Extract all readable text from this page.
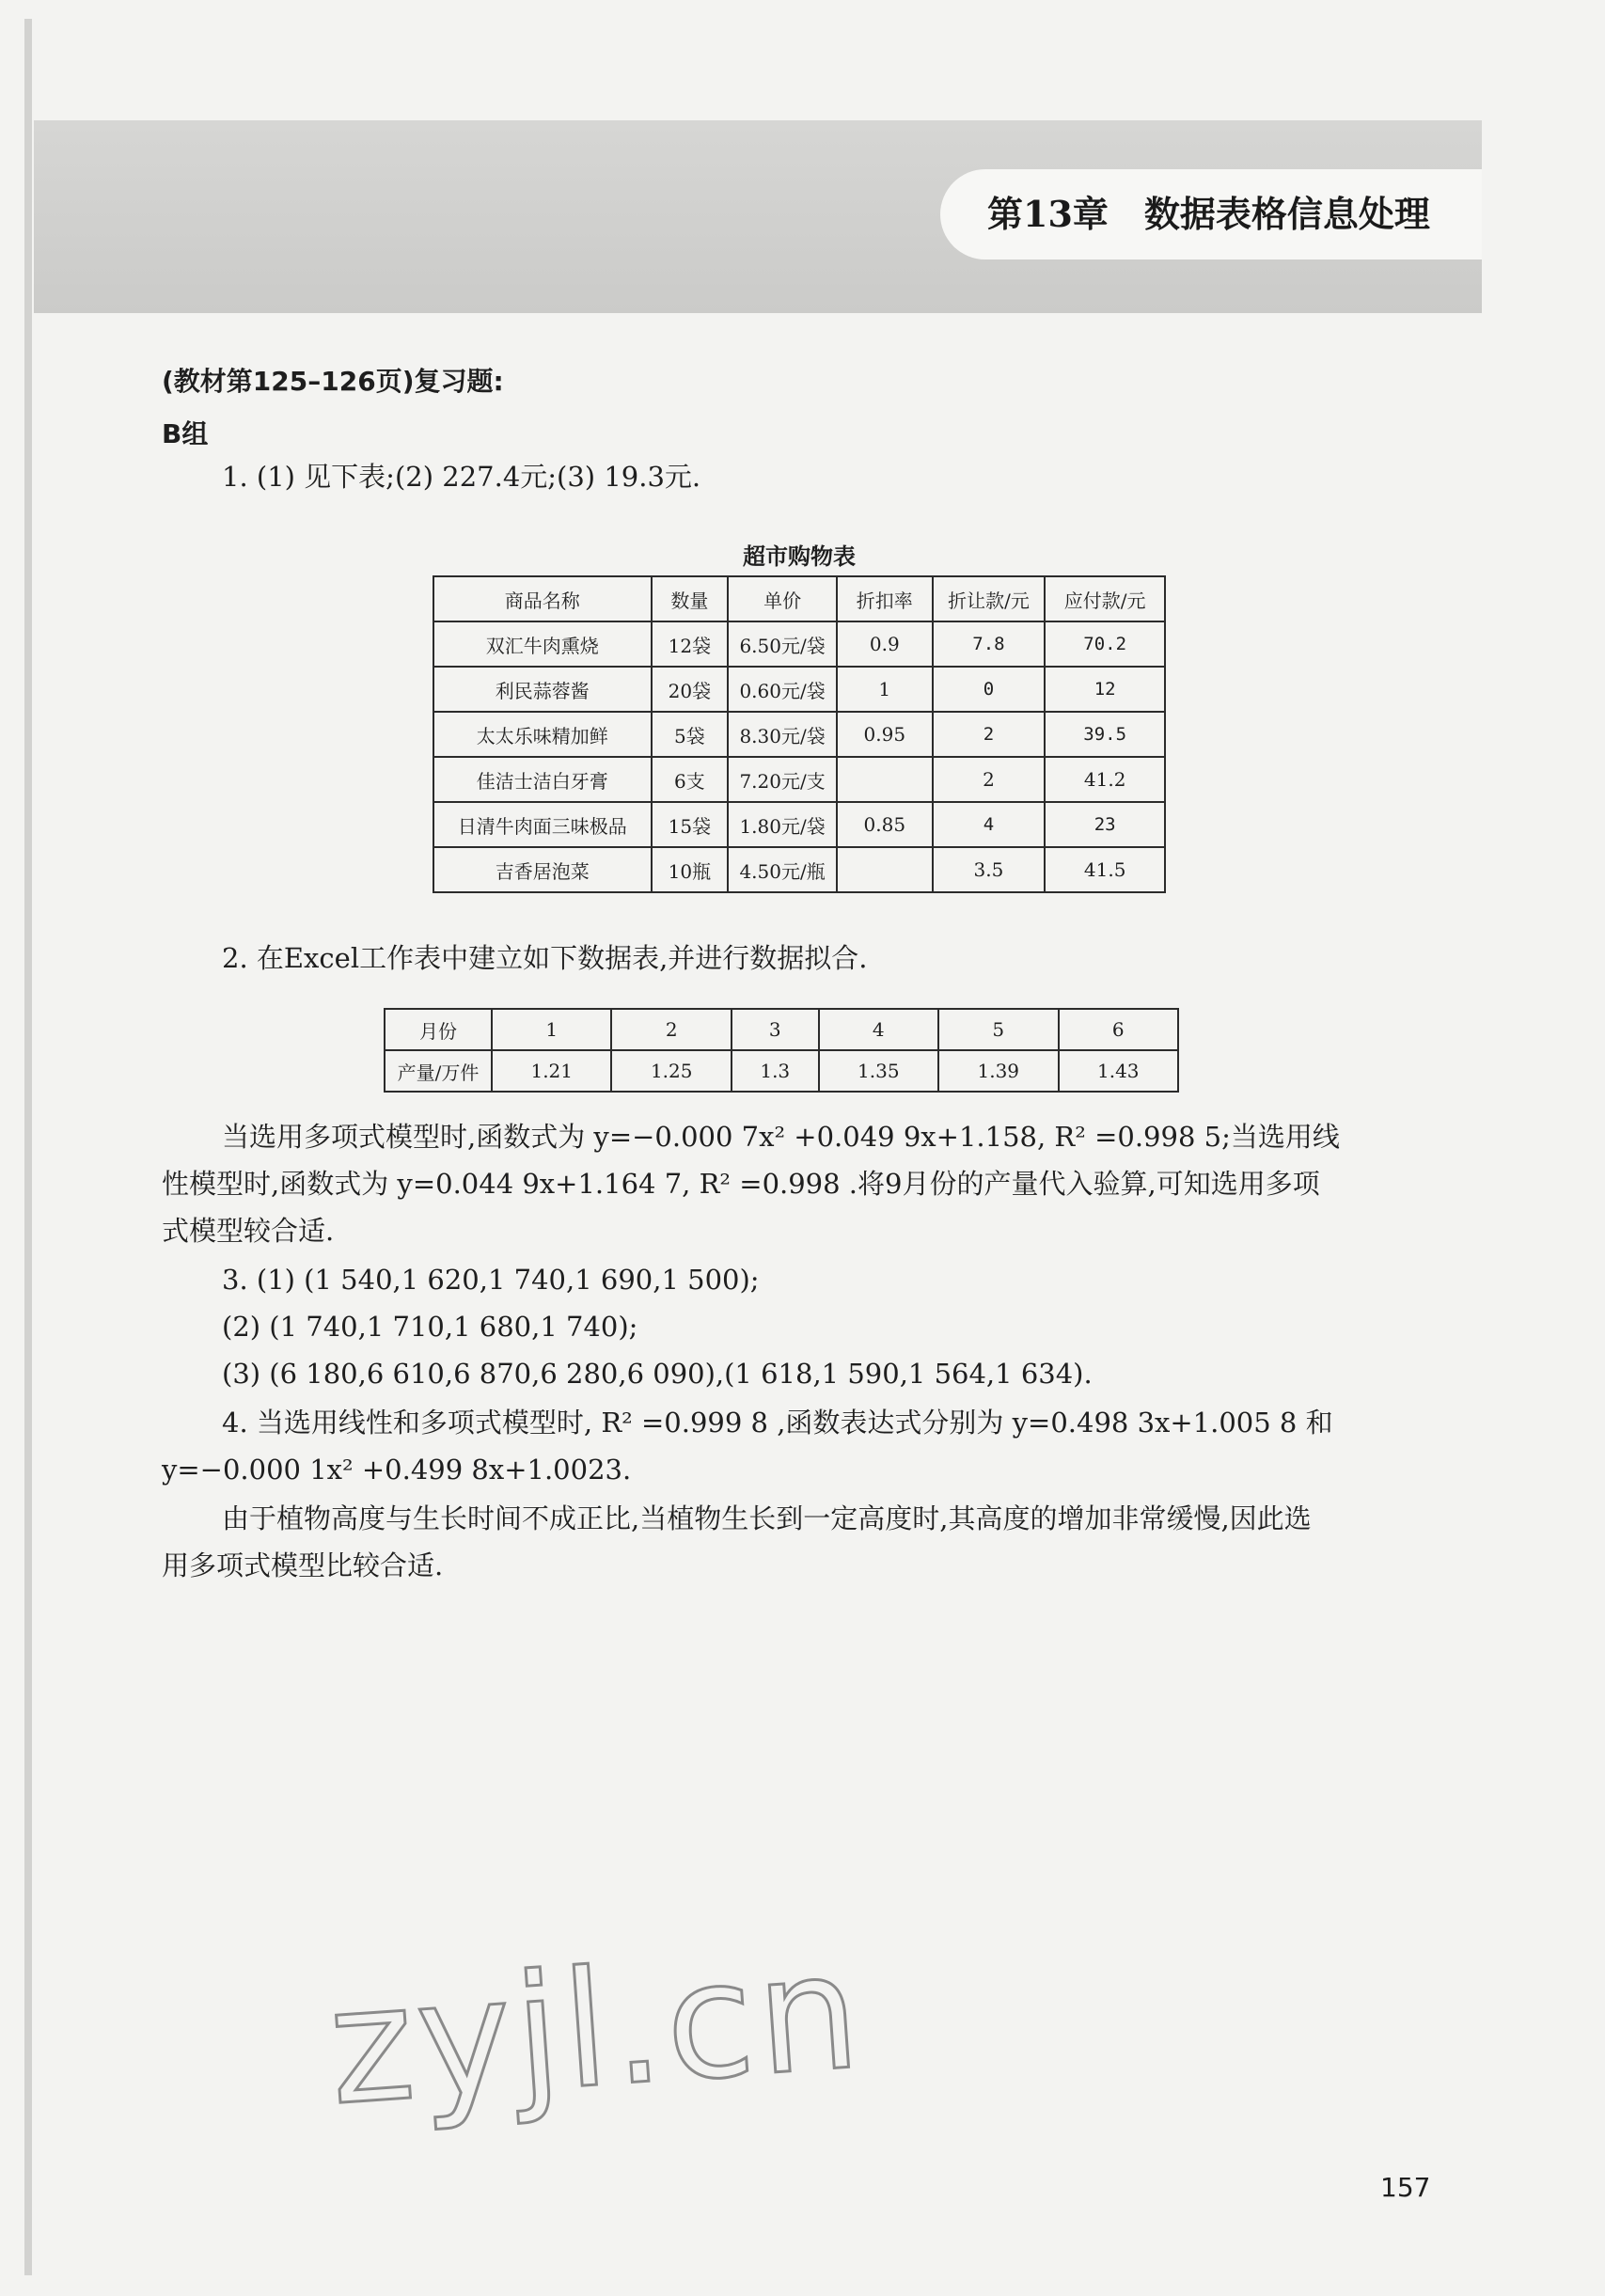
第13章　数据表格信息处理
(教材第125–126页)复习题:
B组
1. (1) 见下表;(2) 227.4元;(3) 19.3元.
超市购物表
商品名称	数量	单价	折扣率	折让款/元	应付款/元
双汇牛肉熏烧	12袋	6.50元/袋	0.9	7.8	70.2
利民蒜蓉酱	20袋	0.60元/袋	1	0	12
太太乐味精加鲜	5袋	8.30元/袋	0.95	2	39.5
佳洁士洁白牙膏	6支	7.20元/支		2	41.2
日清牛肉面三味极品	15袋	1.80元/袋	0.85	4	23
吉香居泡菜	10瓶	4.50元/瓶		3.5	41.5
2. 在Excel工作表中建立如下数据表,并进行数据拟合.
月份	1	2	3	4	5	6
产量/万件	1.21	1.25	1.3	1.35	1.39	1.43
当选用多项式模型时,函数式为 y=−0.000 7x² +0.049 9x+1.158, R² =0.998 5;当选用线
性模型时,函数式为 y=0.044 9x+1.164 7, R² =0.998 .将9月份的产量代入验算,可知选用多项
式模型较合适.
3. (1) (1 540,1 620,1 740,1 690,1 500);
(2) (1 740,1 710,1 680,1 740);
(3) (6 180,6 610,6 870,6 280,6 090),(1 618,1 590,1 564,1 634).
4. 当选用线性和多项式模型时, R² =0.999 8 ,函数表达式分别为 y=0.498 3x+1.005 8 和
y=−0.000 1x² +0.499 8x+1.0023.
由于植物高度与生长时间不成正比,当植物生长到一定高度时,其高度的增加非常缓慢,因此选
用多项式模型比较合适.
zyjl.cn
157
